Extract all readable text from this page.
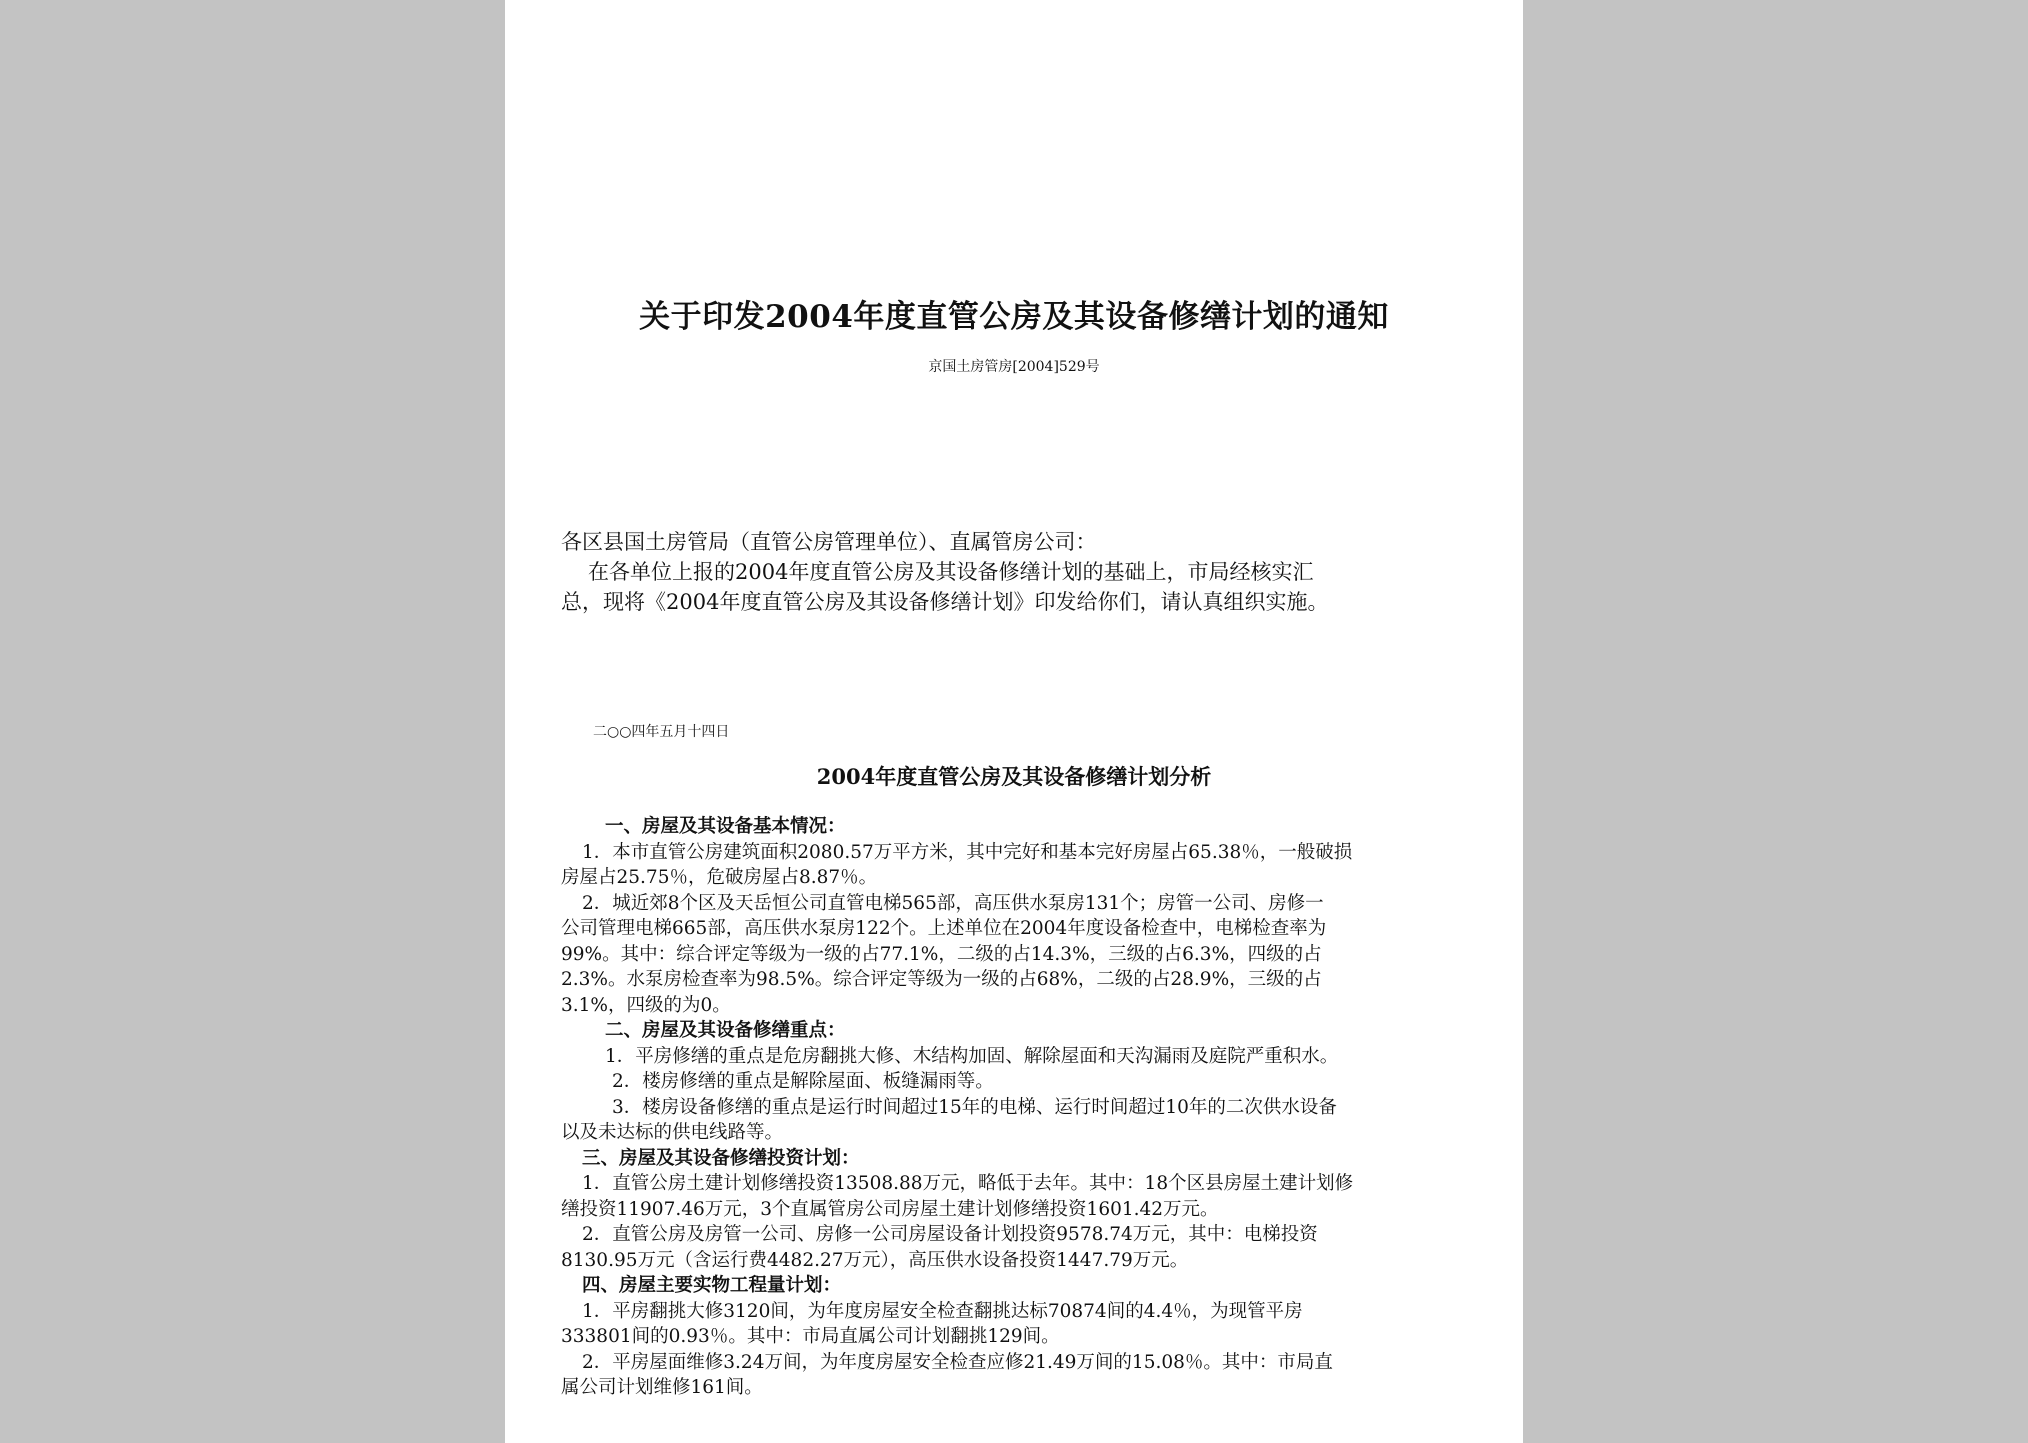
关于印发2004年度直管公房及其设备修缮计划的通知
京国土房管房[2004]529号
各区县国土房管局（直管公房管理单位）、直属管房公司：
在各单位上报的2004年度直管公房及其设备修缮计划的基础上，市局经核实汇
总，现将《2004年度直管公房及其设备修缮计划》印发给你们，请认真组织实施。
二○○四年五月十四日
2004年度直管公房及其设备修缮计划分析
一、房屋及其设备基本情况：
1．本市直管公房建筑面积2080.57万平方米，其中完好和基本完好房屋占65.38％，一般破损
房屋占25.75％，危破房屋占8.87％。
2．城近郊8个区及天岳恒公司直管电梯565部，高压供水泵房131个；房管一公司、房修一
公司管理电梯665部，高压供水泵房122个。上述单位在2004年度设备检查中，电梯检查率为
99%。其中：综合评定等级为一级的占77.1%，二级的占14.3%，三级的占6.3%，四级的占
2.3%。水泵房检查率为98.5%。综合评定等级为一级的占68%，二级的占28.9%，三级的占
3.1%，四级的为0。
二、房屋及其设备修缮重点：
1．平房修缮的重点是危房翻挑大修、木结构加固、解除屋面和天沟漏雨及庭院严重积水。
2．楼房修缮的重点是解除屋面、板缝漏雨等。
3．楼房设备修缮的重点是运行时间超过15年的电梯、运行时间超过10年的二次供水设备
以及未达标的供电线路等。
三、房屋及其设备修缮投资计划：
1．直管公房土建计划修缮投资13508.88万元，略低于去年。其中：18个区县房屋土建计划修
缮投资11907.46万元，3个直属管房公司房屋土建计划修缮投资1601.42万元。
2．直管公房及房管一公司、房修一公司房屋设备计划投资9578.74万元，其中：电梯投资
8130.95万元（含运行费4482.27万元），高压供水设备投资1447.79万元。
四、房屋主要实物工程量计划：
1．平房翻挑大修3120间，为年度房屋安全检查翻挑达标70874间的4.4％，为现管平房
333801间的0.93％。其中：市局直属公司计划翻挑129间。
2．平房屋面维修3.24万间，为年度房屋安全检查应修21.49万间的15.08％。其中：市局直
属公司计划维修161间。
